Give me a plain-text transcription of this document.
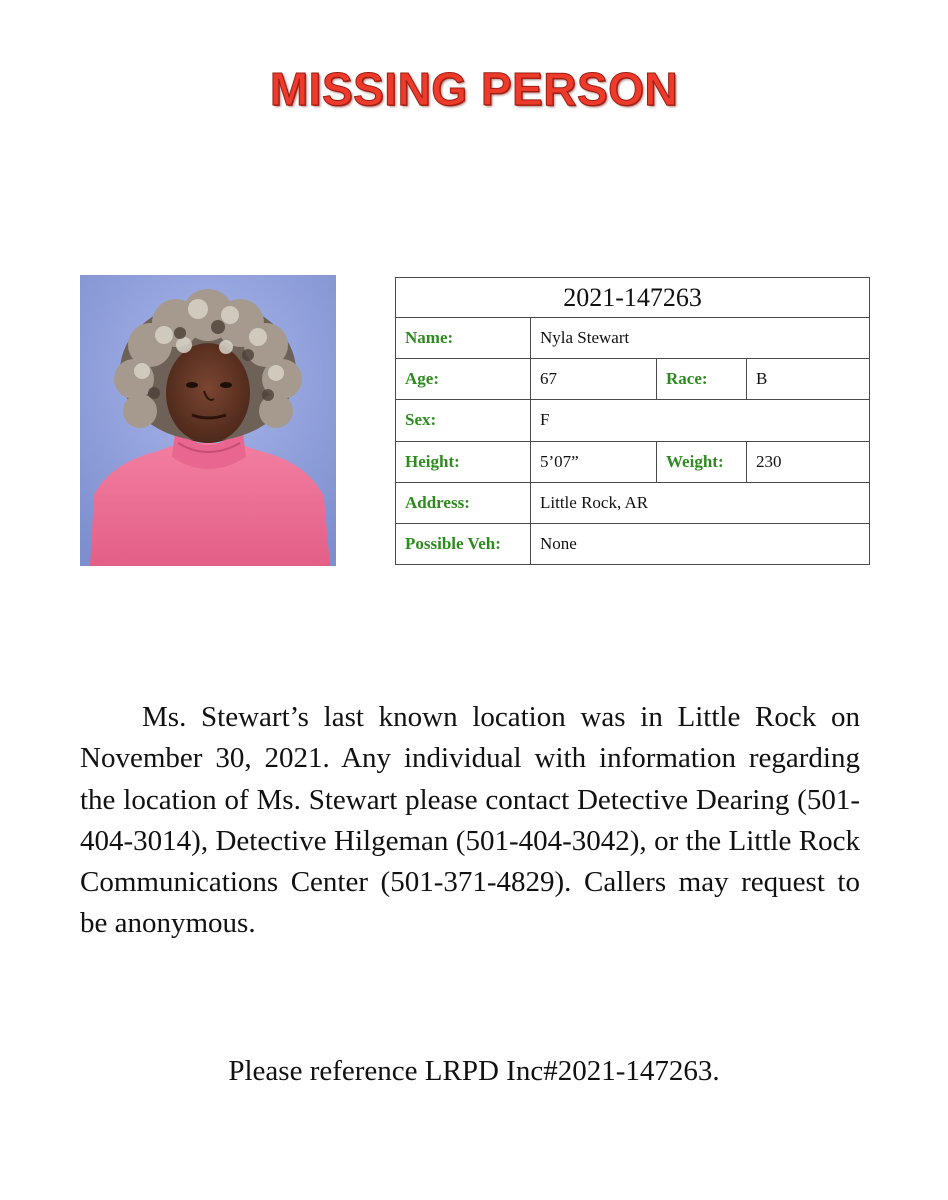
MISSING PERSON
2021-147263			
Name:	Nyla Stewart		
Age:	67	Race:	B
Sex:	F		
Height:	5’07”	Weight:	230
Address:	Little Rock, AR		
Possible Veh:	None		
Ms. Stewart’s last known location was in Little Rock on November 30, 2021. Any individual with information regarding the location of Ms. Stewart please contact Detective Dearing (501-404-3014), Detective Hilgeman (501-404-3042), or the Little Rock Communications Center (501-371-4829). Callers may request to be anonymous.
Please reference LRPD Inc#2021-147263.
